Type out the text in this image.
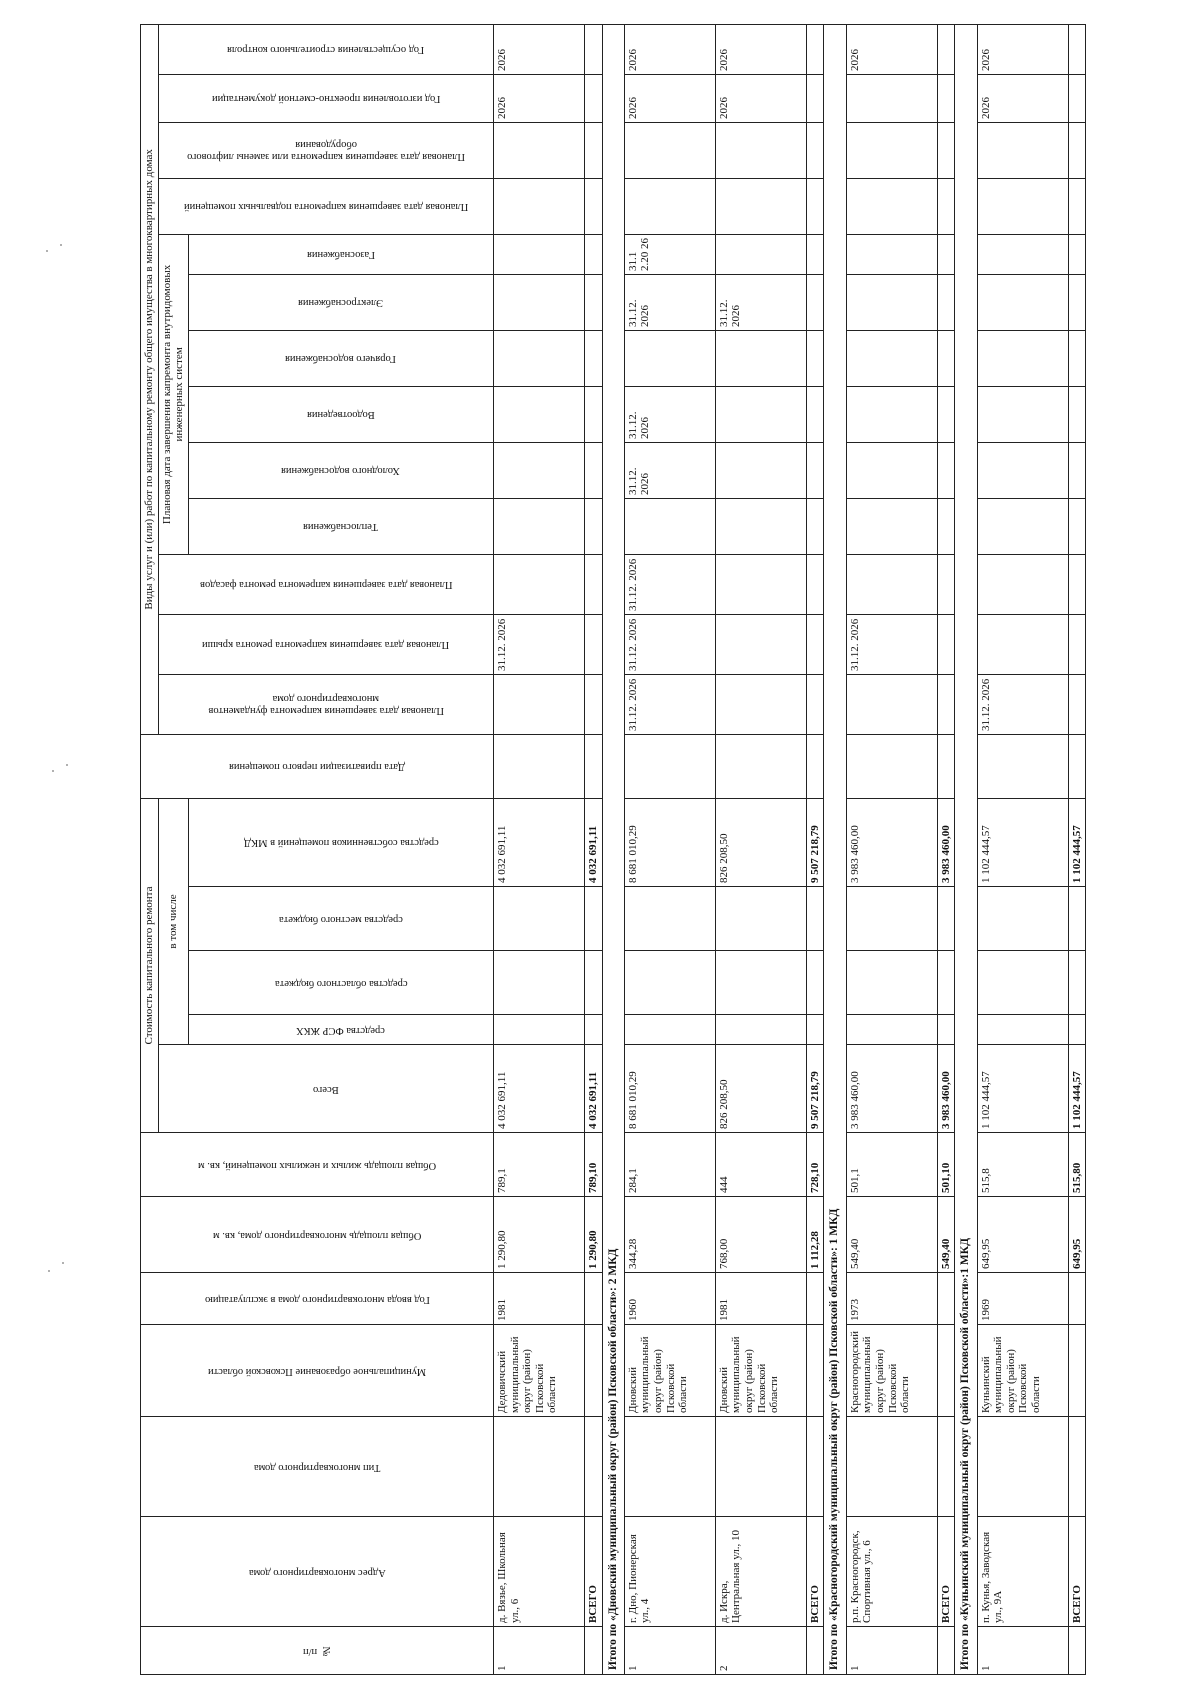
№ п/п	Адрес многоквартирного дома	Тип многоквартирного дома	Муниципальное образование Псковской области	Год ввода многоквартирного дома в эксплуатацию	Общая площадь многоквартирного дома, кв. м	Общая площадь жилых и нежилых помещений, кв. м	Стоимость капитального ремонта					Дата приватизации первого помещения	Виды услуг и (или) работ по капитальному ремонту общего имущества в многоквартирных домах												

							Всего	в том числе					Плановая дата завершения капремонта фундаментов многоквартирного дома	Плановая дата завершения капремонта ремонта крыши	Плановая дата завершения капремонта ремонта фасадов	Плановая дата завершения капремонта внутридомовых инженерных систем						Плановая дата завершения капремонта подвальных помещений	Плановая дата завершения капремонта или замены лифтового оборудования	Год изготовления проектно-сметной документации	Год осуществления строительного контроля

								средства ФСР ЖКХ	средства областного бюджета	средства местного бюджета	средства собственников помещений в МКД					Теплоснабжения	Холодного водоснабжения	Водоотведения	Горячего водоснабжения	Электроснабжения	Газоснабжения				

1	д. Вязье, Школьная ул., 6		Дедовичский муниципальный округ (район) Псковской области	1981	1 290,80	789,1	4 032 691,11				4 032 691,11			31.12. 2026										2026	2026
	ВСЕГО				1 290,80	789,10	4 032 691,11				4 032 691,11														
Итого по «Дновский муниципальный округ (район) Псковской области»: 2 МКД																									
1	г. Дно, Пионерская ул., 4		Дновский муниципальный округ (район) Псковской области	1960	344,28	284,1	8 681 010,29				8 681 010,29		31.12. 2026	31.12. 2026	31.12. 2026		31.12. 2026	31.12. 2026		31.12. 2026	31.1 2.20 26			2026	2026
2	д. Искра, Центральная ул., 10		Дновский муниципальный округ (район) Псковской области	1981	768,00	444	826 208,50				826 208,50									31.12. 2026				2026	2026
	ВСЕГО				1 112,28	728,10	9 507 218,79				9 507 218,79														
Итого по «Красногородский муниципальный округ (район) Псковской области»: 1 МКД																									
1	р.п. Красногородск, Спортивная ул., 6		Красногородский муниципальный округ (район) Псковской области	1973	549,40	501,1	3 983 460,00				3 983 460,00			31.12. 2026											2026
	ВСЕГО				549,40	501,10	3 983 460,00				3 983 460,00														
Итого по «Куньинский муниципальный округ (район) Псковской области»:1 МКД																									
1	п. Кунья, Заводская ул., 9А		Куньинский муниципальный округ (район) Псковской области	1969	649,95	515,8	1 102 444,57				1 102 444,57		31.12. 2026											2026	2026
	ВСЕГО				649,95	515,80	1 102 444,57				1 102 444,57														
